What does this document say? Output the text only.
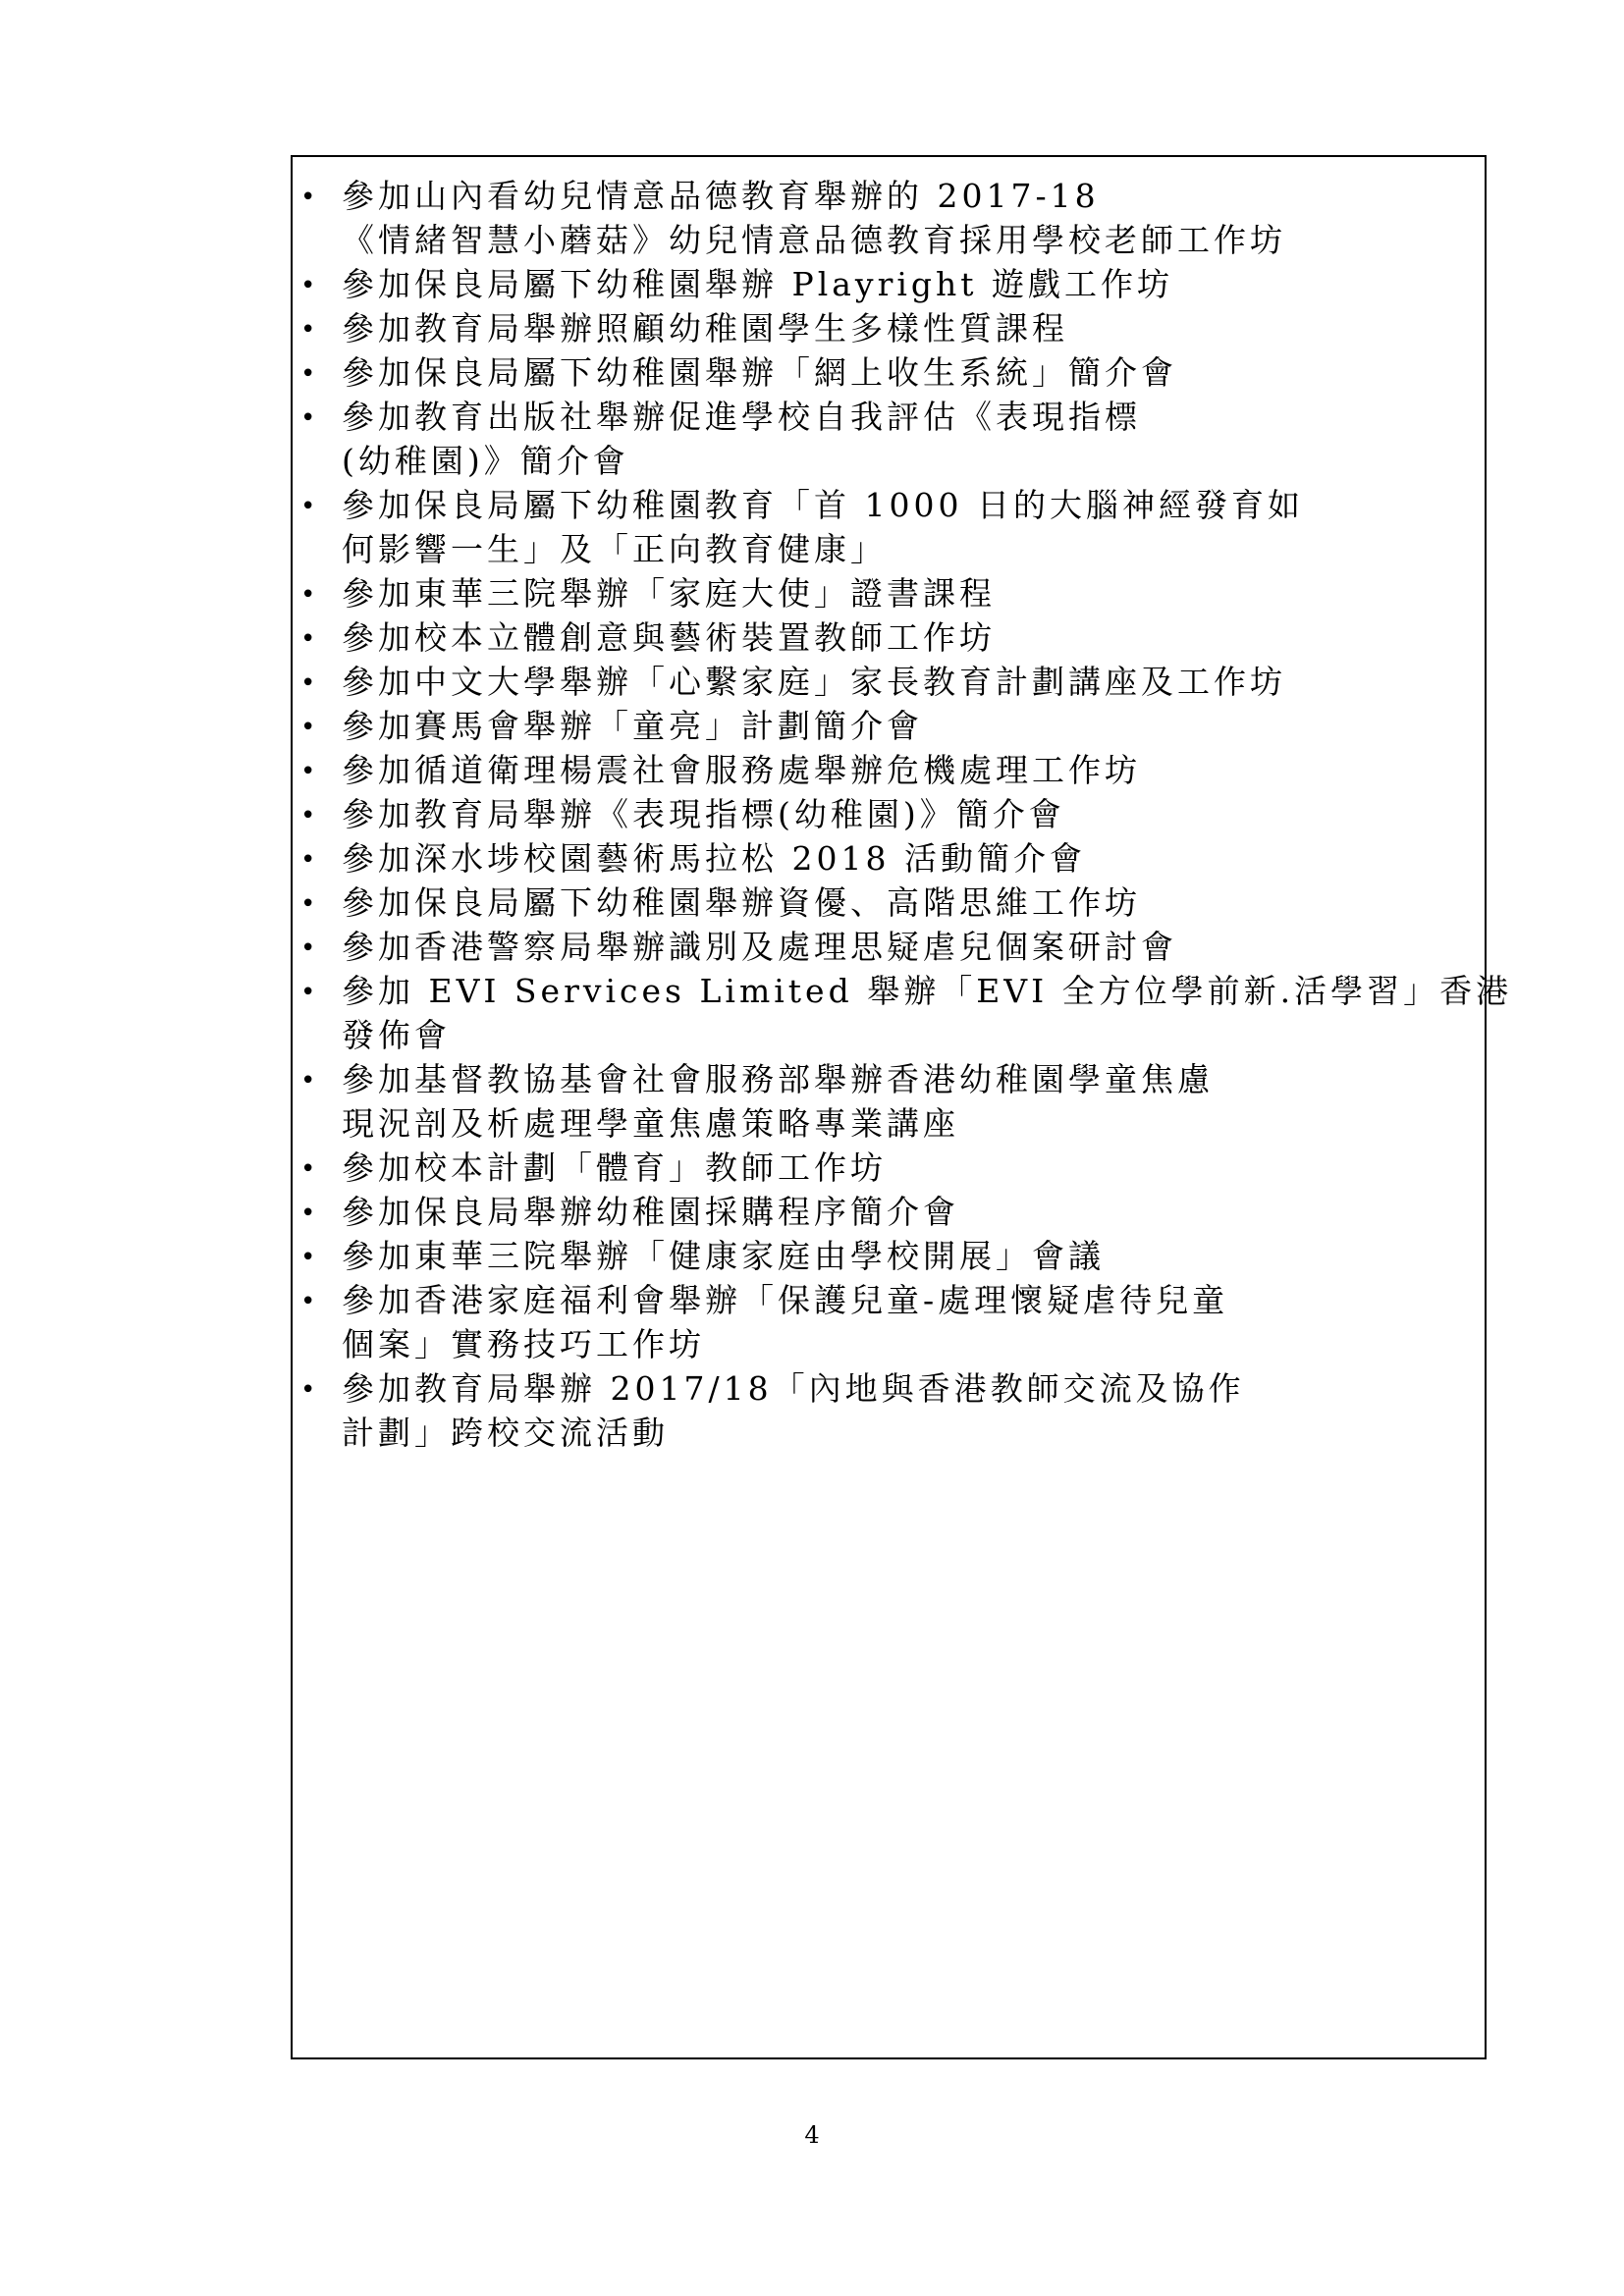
• 參加山內看幼兒情意品德教育舉辦的 2017-18
《情緒智慧小蘑菇》幼兒情意品德教育採用學校老師工作坊
• 參加保良局屬下幼稚園舉辦 Playright 遊戲工作坊
• 參加教育局舉辦照顧幼稚園學生多樣性質課程
• 參加保良局屬下幼稚園舉辦「網上收生系統」簡介會
• 參加教育出版社舉辦促進學校自我評估《表現指標
(幼稚園)》簡介會
• 參加保良局屬下幼稚園教育「首 1000 日的大腦神經發育如
何影響一生」及「正向教育健康」
• 參加東華三院舉辦「家庭大使」證書課程
• 參加校本立體創意與藝術裝置教師工作坊
• 參加中文大學舉辦「心繫家庭」家長教育計劃講座及工作坊
• 參加賽馬會舉辦「童亮」計劃簡介會
• 參加循道衛理楊震社會服務處舉辦危機處理工作坊
• 參加教育局舉辦《表現指標(幼稚園)》簡介會
• 參加深水埗校園藝術馬拉松 2018 活動簡介會
• 參加保良局屬下幼稚園舉辦資優、高階思維工作坊
• 參加香港警察局舉辦識別及處理思疑虐兒個案研討會
• 參加 EVI Services Limited 舉辦「EVI 全方位學前新.活學習」香港
發佈會
• 參加基督教協基會社會服務部舉辦香港幼稚園學童焦慮
現況剖及析處理學童焦慮策略專業講座
• 參加校本計劃「體育」教師工作坊
• 參加保良局舉辦幼稚園採購程序簡介會
• 參加東華三院舉辦「健康家庭由學校開展」會議
• 參加香港家庭福利會舉辦「保護兒童-處理懷疑虐待兒童
個案」實務技巧工作坊
• 參加教育局舉辦 2017/18「內地與香港教師交流及協作
計劃」跨校交流活動
4
